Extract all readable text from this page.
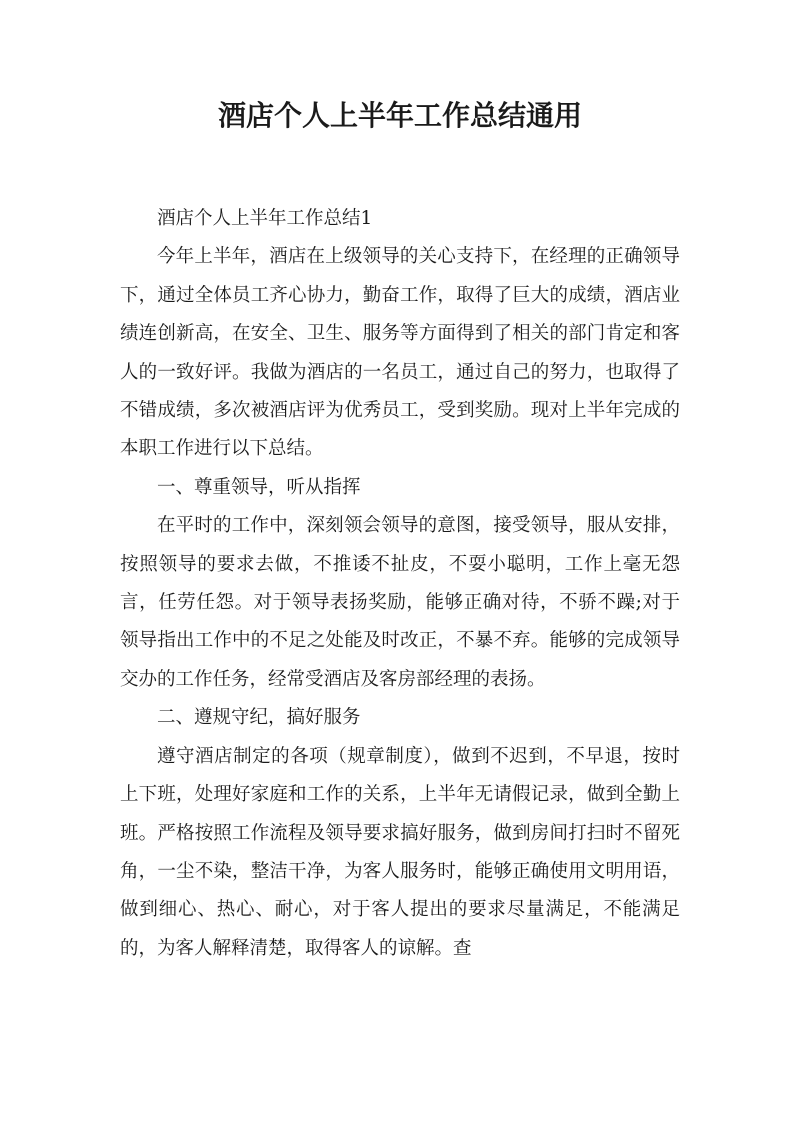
酒店个人上半年工作总结通用

酒店个人上半年工作总结1

今年上半年，酒店在上级领导的关心支持下，在经理的正确领导下，通过全体员工齐心协力，勤奋工作，取得了巨大的成绩，酒店业绩连创新高，在安全、卫生、服务等方面得到了相关的部门肯定和客人的一致好评。我做为酒店的一名员工，通过自己的努力，也取得了不错成绩，多次被酒店评为优秀员工，受到奖励。现对上半年完成的本职工作进行以下总结。

一、尊重领导，听从指挥

在平时的工作中，深刻领会领导的意图，接受领导，服从安排，按照领导的要求去做，不推诿不扯皮，不耍小聪明，工作上毫无怨言，任劳任怨。对于领导表扬奖励，能够正确对待，不骄不躁;对于领导指出工作中的不足之处能及时改正，不暴不弃。能够的完成领导交办的工作任务，经常受酒店及客房部经理的表扬。

二、遵规守纪，搞好服务

遵守酒店制定的各项（规章制度），做到不迟到，不早退，按时上下班，处理好家庭和工作的关系，上半年无请假记录，做到全勤上班。严格按照工作流程及领导要求搞好服务，做到房间打扫时不留死角，一尘不染，整洁干净，为客人服务时，能够正确使用文明用语，做到细心、热心、耐心，对于客人提出的要求尽量满足，不能满足的，为客人解释清楚，取得客人的谅解。查
